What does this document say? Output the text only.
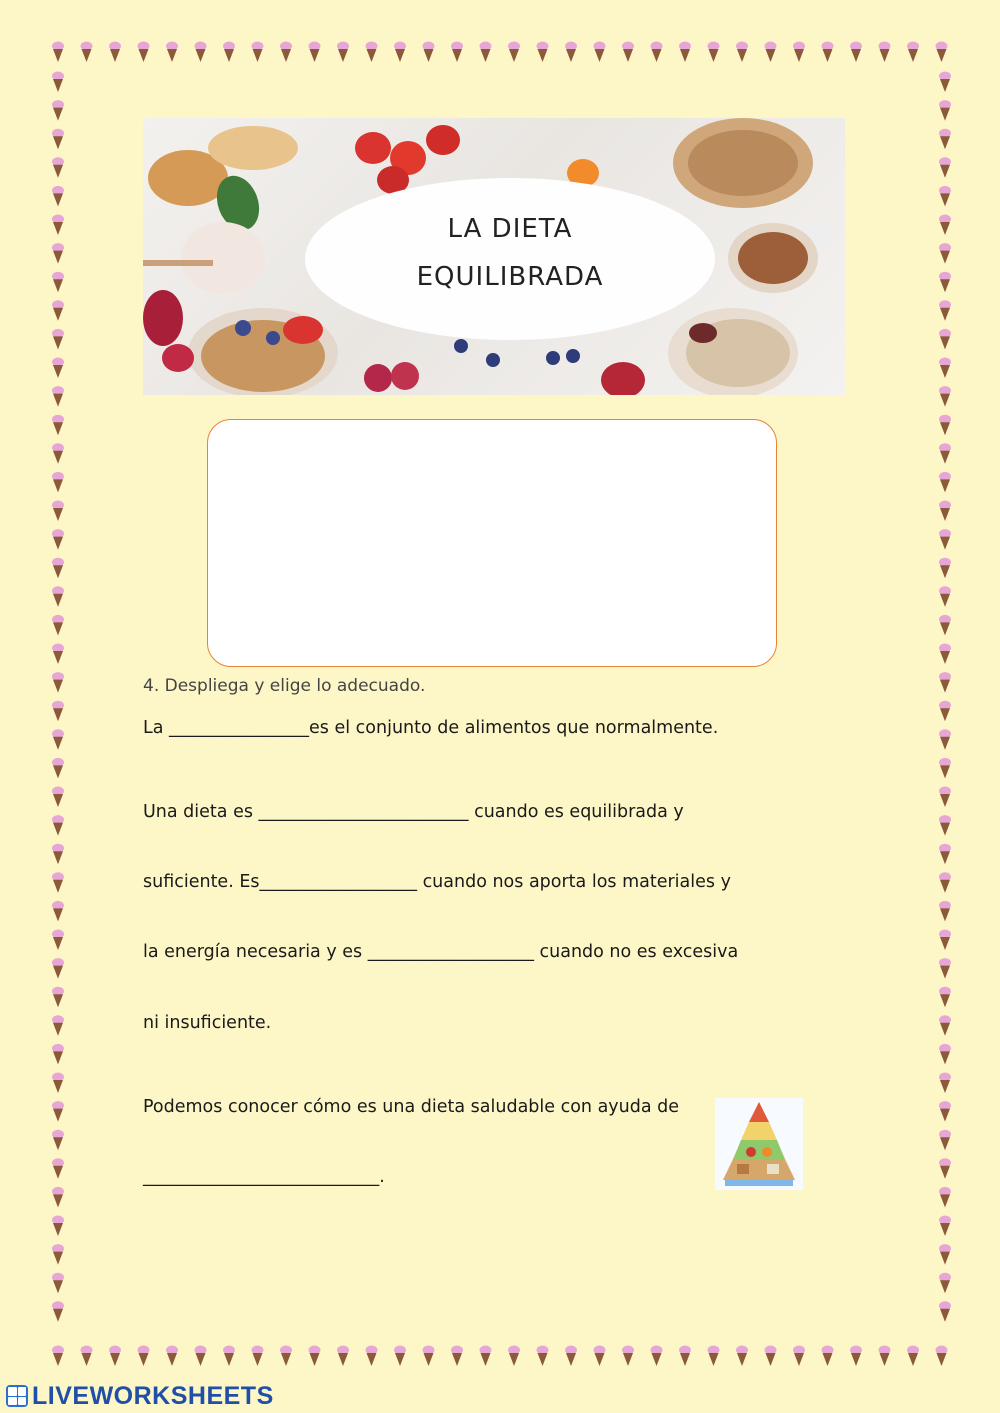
LA DIETA
EQUILIBRADA
4. Despliega y elige lo adecuado.
La ________________es el conjunto de alimentos que normalmente.
Una dieta es ________________________ cuando es equilibrada y
suficiente. Es__________________ cuando nos aporta los materiales y
la energía necesaria y es ___________________ cuando no es excesiva
ni insuficiente.
Podemos conocer cómo es una dieta saludable con ayuda de
___________________________.
LIVEWORKSHEETS
